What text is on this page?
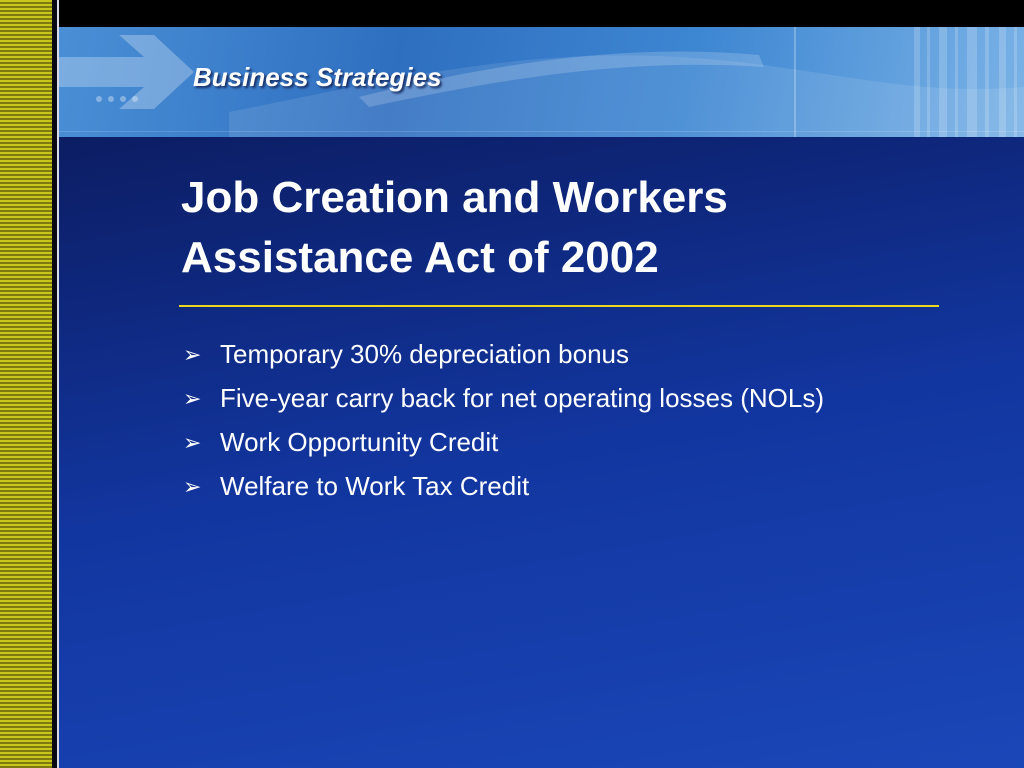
Business Strategies
Job Creation and Workers
Assistance Act of 2002
➢ Temporary 30% depreciation bonus
➢ Five-year carry back for net operating losses (NOLs)
➢ Work Opportunity Credit
➢ Welfare to Work Tax Credit
